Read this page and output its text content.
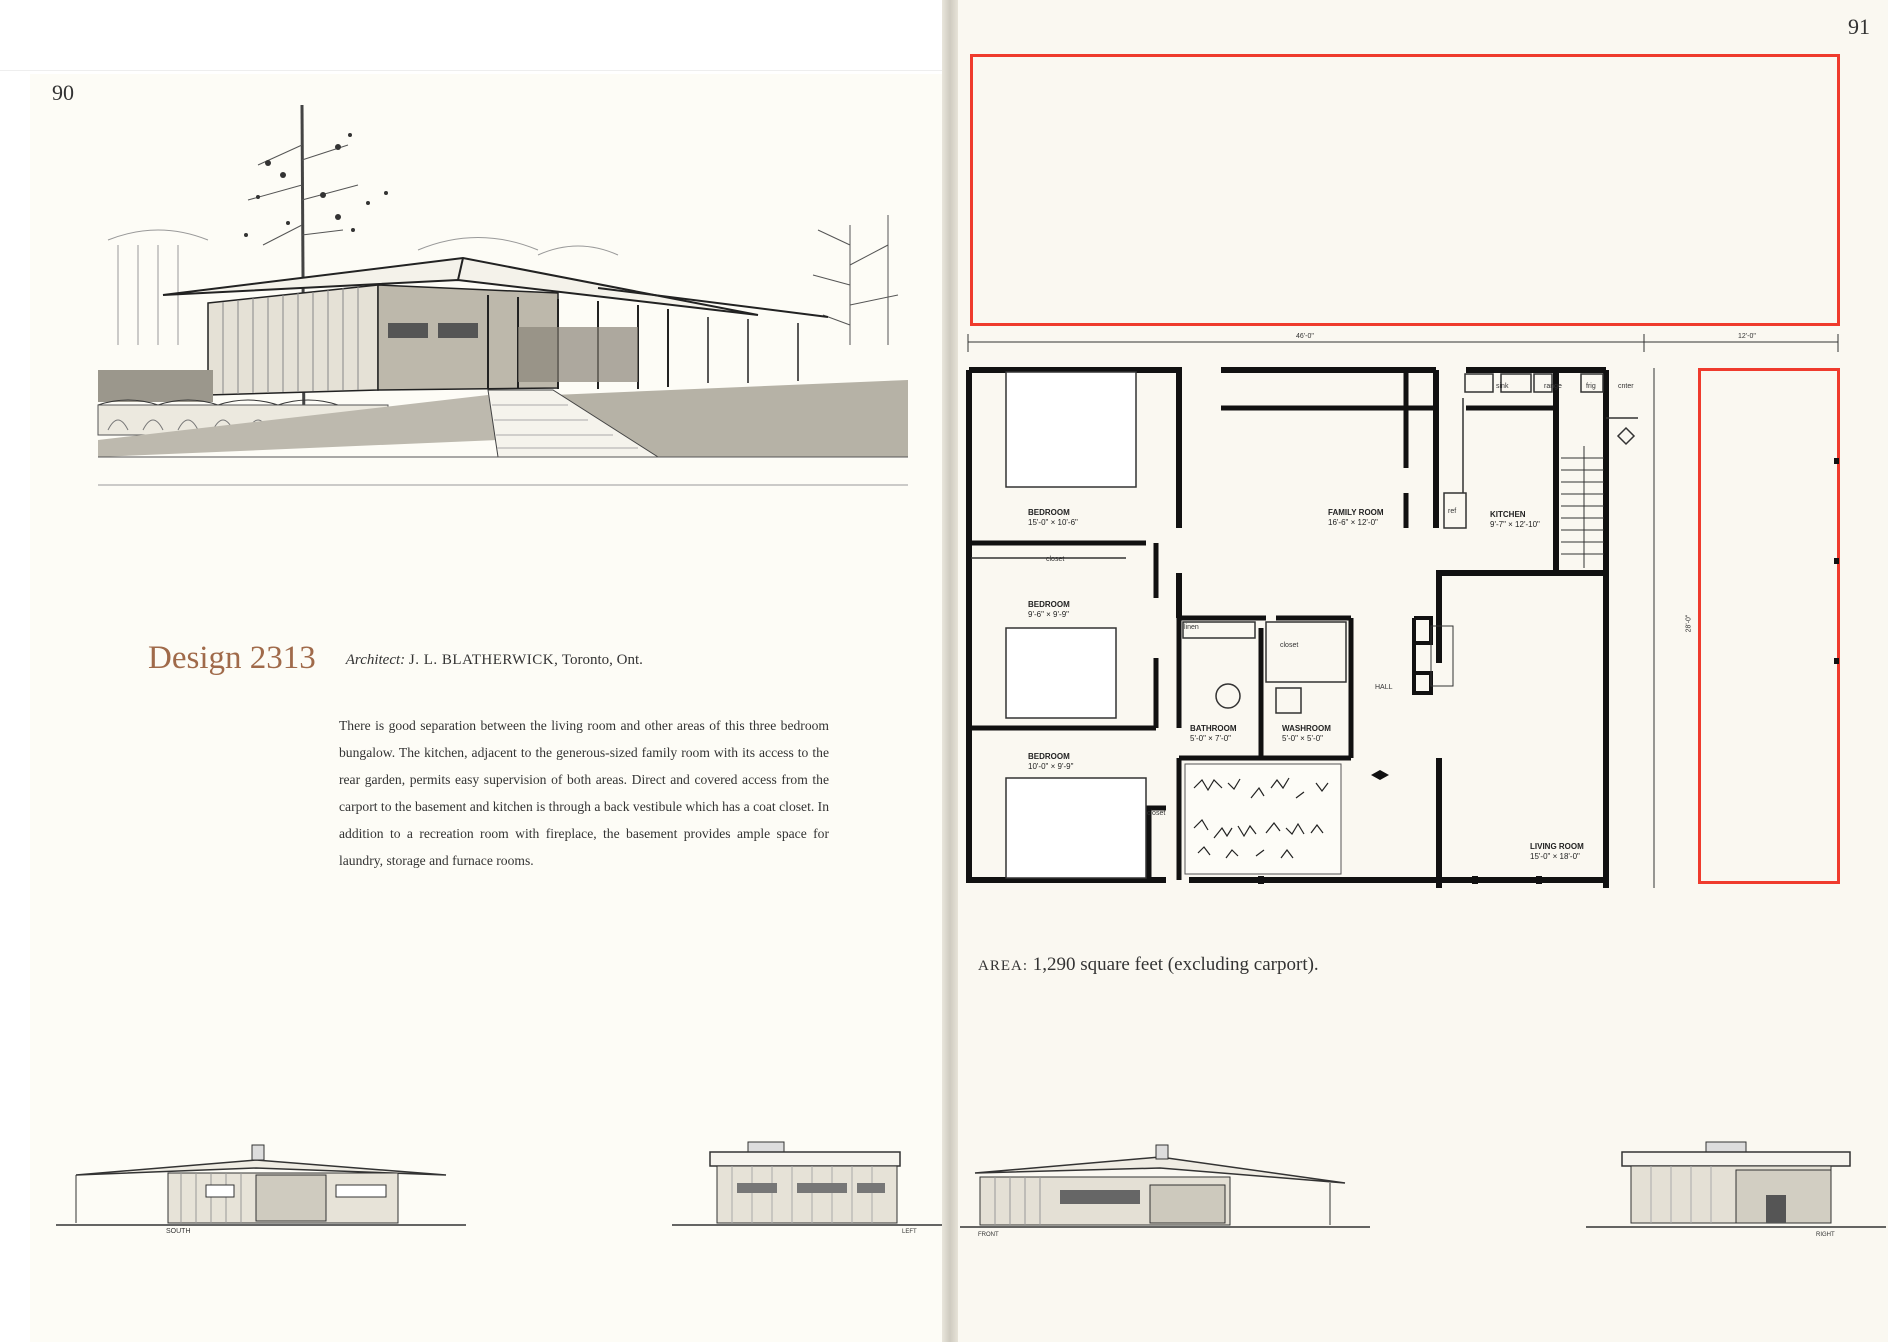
90
91
Design 2313 Architect: J. L. BLATHERWICK, Toronto, Ont.
There is good separation between the living room and other areas of this three bedroom bungalow. The kitchen, adjacent to the generous-sized family room with its access to the rear garden, permits easy supervision of both areas. Direct and covered access from the carport to the basement and kitchen is through a back vestibule which has a coat closet. In addition to a recreation room with fireplace, the basement provides ample space for laundry, storage and furnace rooms.
SOUTH	LEFT
46'-0"	12'-0"
28'-0"
BEDROOM
15'-0" × 10'-6"
BEDROOM
9'-6" × 9'-9"
BEDROOM
10'-0" × 9'-9"
FAMILY ROOM
16'-6" × 12'-0"
KITCHEN
9'-7" × 12'-10"
LIVING ROOM
15'-0" × 18'-0"
BATHROOM
5'-0" × 7'-0"
WASHROOM
5'-0" × 5'-0"
HALL
linen
closet
closet
closet
sink	range	frig	cnter
ref
AREA: 1,290 square feet (excluding carport).
FRONT	RIGHT
